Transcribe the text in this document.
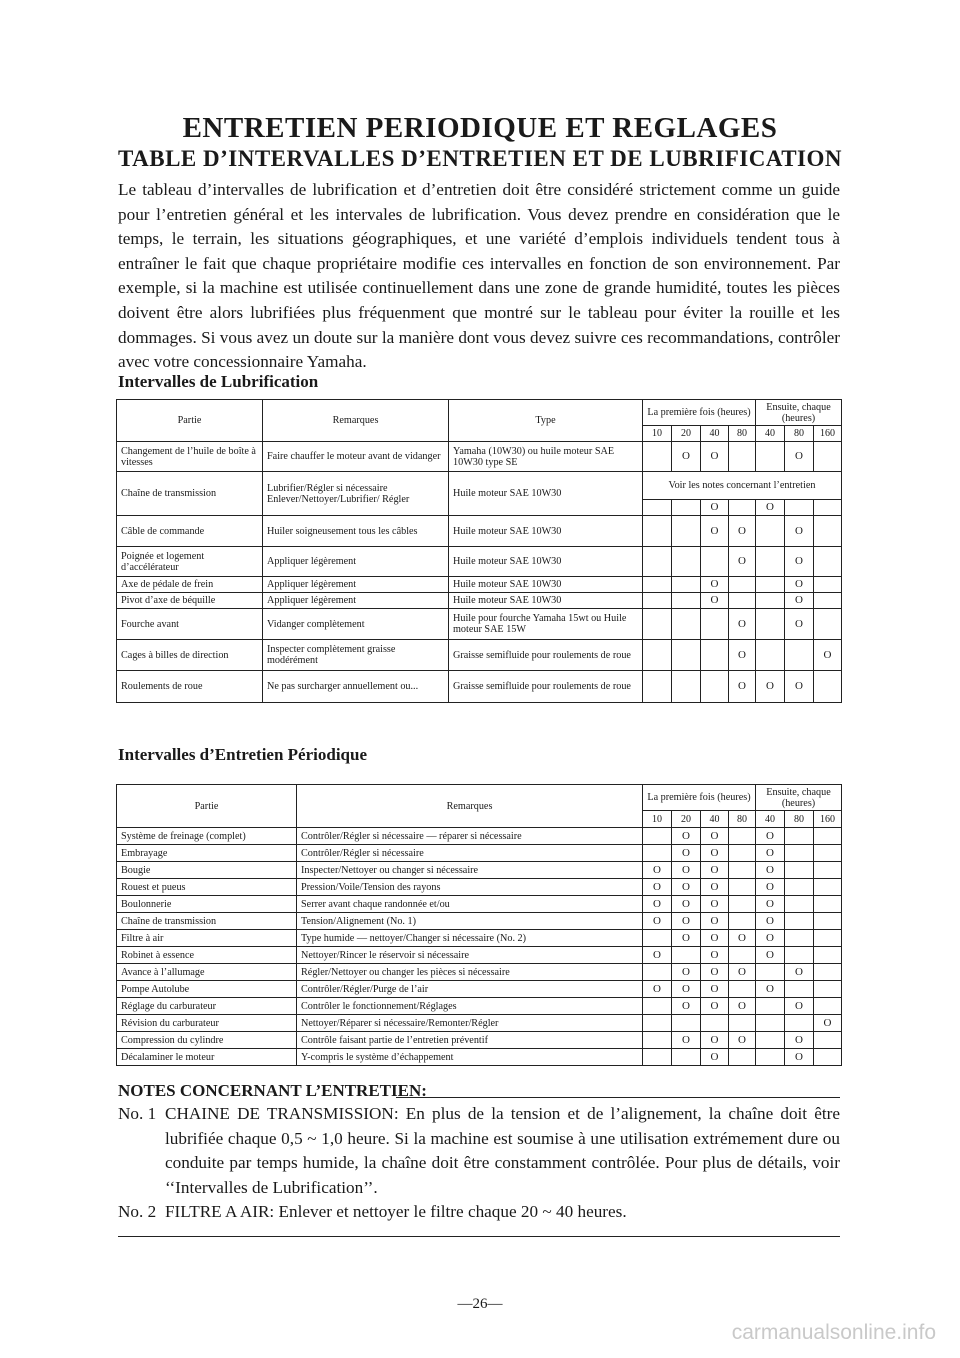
ENTRETIEN PERIODIQUE ET REGLAGES
TABLE D’INTERVALLES D’ENTRETIEN ET DE LUBRIFICATION

Le tableau d’intervalles de lubrification et d’entretien doit être considéré strictement comme un guide pour l’entretien général et les intervales de lubrification. Vous devez prendre en considération que le temps, le terrain, les situations géographiques, et une variété d’emplois individuels tendent tous à entraîner le fait que chaque propriétaire modifie ces intervalles en fonction de son environnement. Par exemple, si la machine est utilisée continuellement dans une zone de grande humidité, toutes les pièces doivent être alors lubrifiées plus fréquenment que montré sur le tableau pour éviter la rouille et les dommages. Si vous avez un doute sur la manière dont vous devez suivre ces recommandations, contrôler avec votre concessionnaire Yamaha.

Intervalles de Lubrification
Partie	Remarques	Type	La première fois (heures)				Ensuite, chaque (heures)		
			10	20	40	80	40	80	160
Changement de l’huile de boîte à vitesses	Faire chauffer le moteur avant de vidanger	Yamaha (10W30) ou huile moteur SAE 10W30 type SE		O	O			O	
Chaîne de transmission	Lubrifier/Régler si nécessaire Enlever/Nettoyer/Lubrifier/ Régler	Huile moteur SAE 10W30	Voir les notes concernant l’entretien						
					O		O		
Câble de commande	Huiler soigneusement tous les câbles	Huile moteur SAE 10W30			O	O		O	
Poignée et logement d’accélérateur	Appliquer légèrement	Huile moteur SAE 10W30				O		O	
Axe de pédale de frein	Appliquer légèrement	Huile moteur SAE 10W30			O			O	
Pivot d’axe de béquille	Appliquer légèrement	Huile moteur SAE 10W30			O			O	
Fourche avant	Vidanger complètement	Huile pour fourche Yamaha 15wt ou Huile moteur SAE 15W				O		O	
Cages à billes de direction	Inspecter complètement graisse modérément	Graisse semifluide pour roulements de roue				O			O
Roulements de roue	Ne pas surcharger annuellement ou...	Graisse semifluide pour roulements de roue				O	O	O	
Intervalles d’Entretien Périodique
Partie	Remarques	La première fois (heures)				Ensuite, chaque (heures)		
		10	20	40	80	40	80	160
Système de freinage (complet)	Contrôler/Régler si nécessaire — réparer si nécessaire		O	O		O		
Embrayage	Contrôler/Régler si nécessaire		O	O		O		
Bougie	Inspecter/Nettoyer ou changer si nécessaire	O	O	O		O		
Rouest et pueus	Pression/Voile/Tension des rayons	O	O	O		O		
Boulonnerie	Serrer avant chaque randonnée et/ou	O	O	O		O		
Chaîne de transmission	Tension/Alignement (No. 1)	O	O	O		O		
Filtre à air	Type humide — nettoyer/Changer si nécessaire (No. 2)		O	O	O	O		
Robinet à essence	Nettoyer/Rincer le réservoir si nécessaire	O		O		O		
Avance à l’allumage	Régler/Nettoyer ou changer les pièces si nécessaire		O	O	O		O	
Pompe Autolube	Contrôler/Régler/Purge de l’air	O	O	O		O		
Réglage du carburateur	Contrôler le fonctionnement/Réglages		O	O	O		O	
Révision du carburateur	Nettoyer/Réparer si nécessaire/Remonter/Régler							O
Compression du cylindre	Contrôle faisant partie de l’entretien préventif		O	O	O		O	
Décalaminer le moteur	Y-compris le système d’échappement			O			O	
NOTES CONCERNANT L’ENTRETIEN:
No. 1 CHAINE DE TRANSMISSION: En plus de la tension et de l’alignement, la chaîne doit être lubrifiée chaque 0,5 ~ 1,0 heure. Si la machine est soumise à une utilisation extrémement dure ou conduite par temps humide, la chaîne doit être constamment contrôlée. Pour plus de détails, voir ‘‘Intervalles de Lubrification’’.
No. 2 FILTRE A AIR: Enlever et nettoyer le filtre chaque 20 ~ 40 heures.
—26—
carmanualsonline.info
